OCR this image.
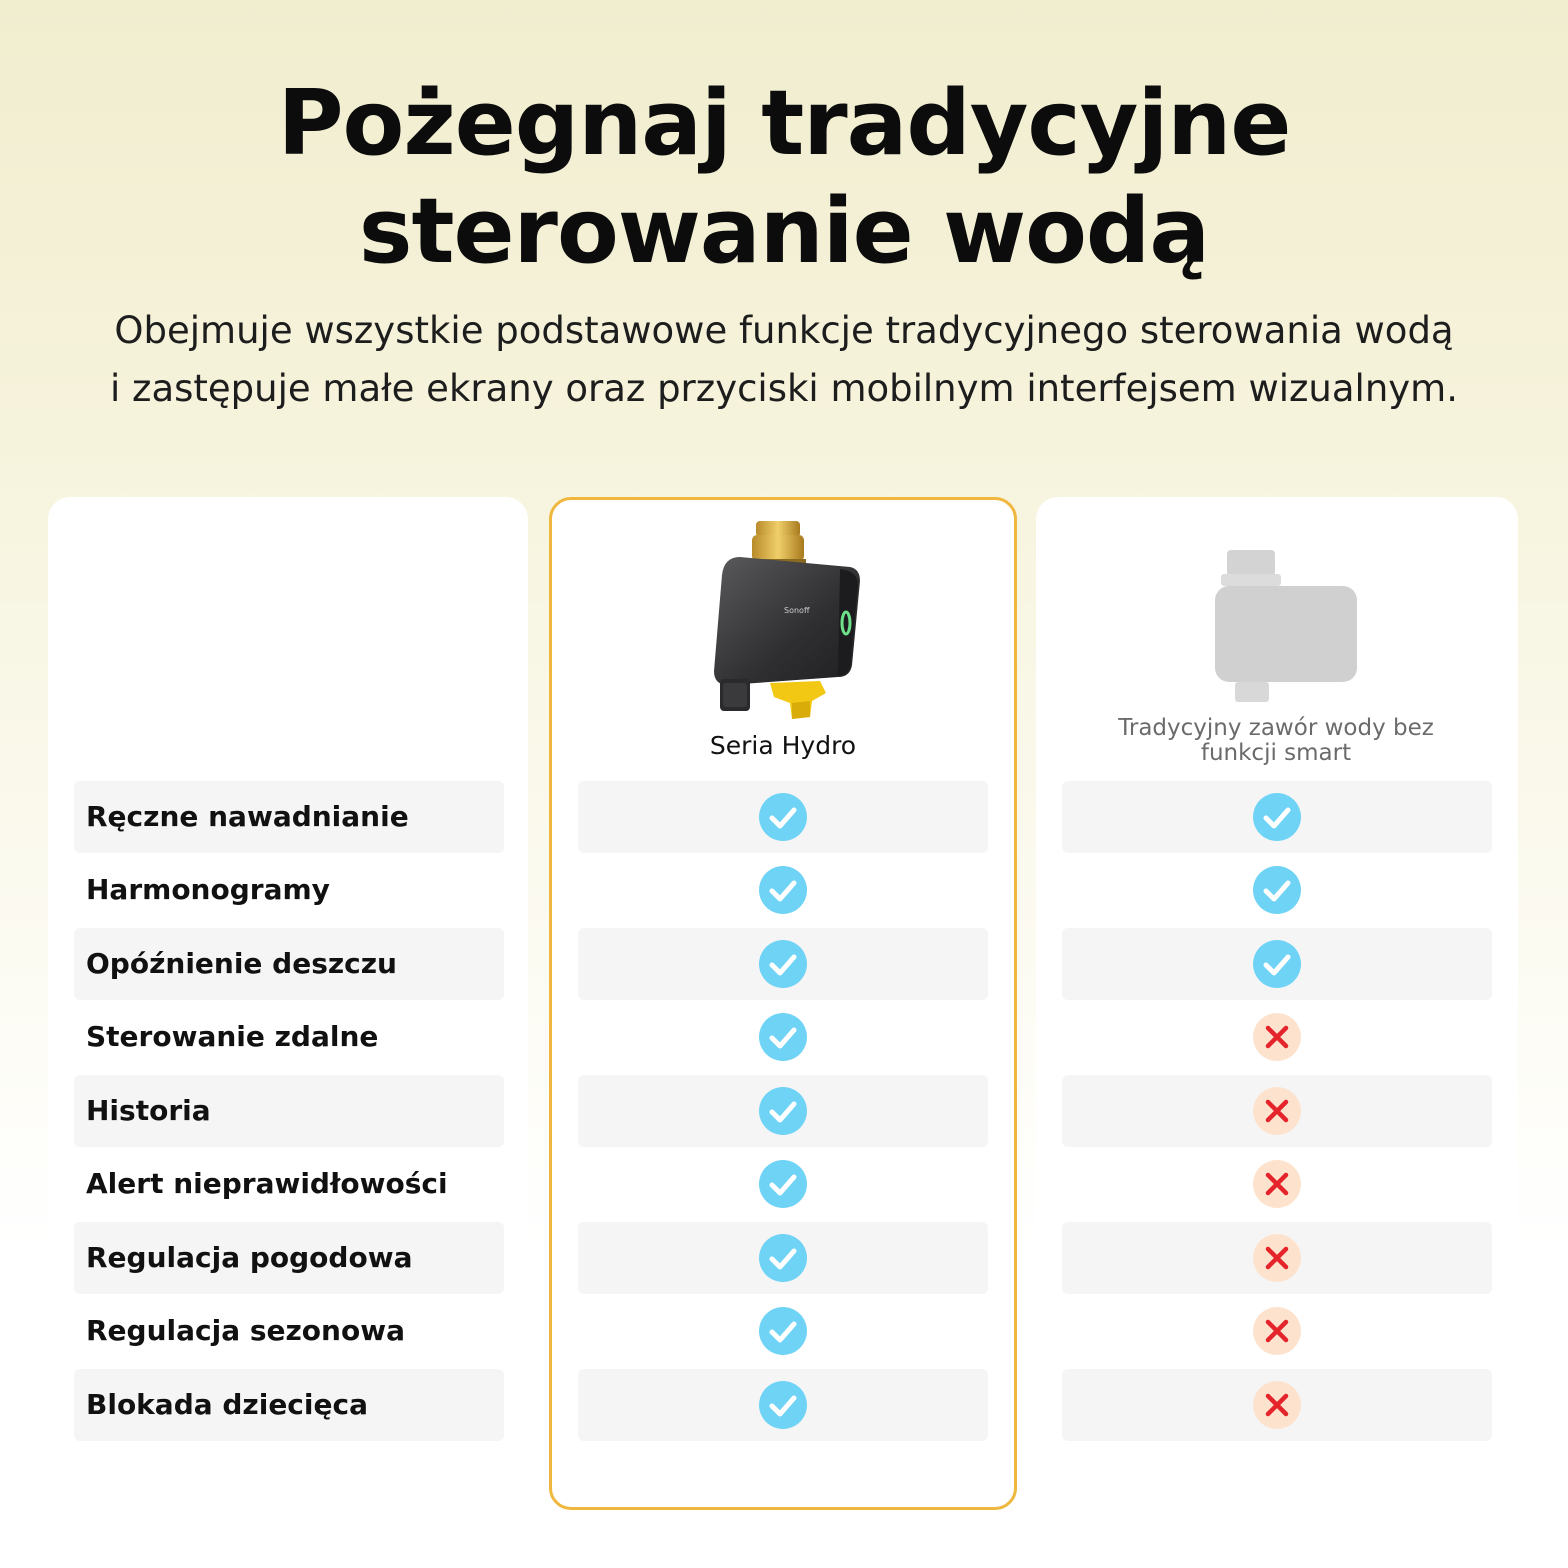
Pożegnaj tradycyjne
sterowanie wodą

Obejmuje wszystkie podstawowe funkcje tradycyjnego sterowania wodą
i zastępuje małe ekrany oraz przyciski mobilnym interfejsem wizualnym.

Sonoff

Seria Hydro

Tradycyjny zawór wody bez
funkcji smart

Ręczne nawadnianie
Harmonogramy
Opóźnienie deszczu
Sterowanie zdalne
Historia
Alert nieprawidłowości
Regulacja pogodowa
Regulacja sezonowa
Blokada dziecięca
